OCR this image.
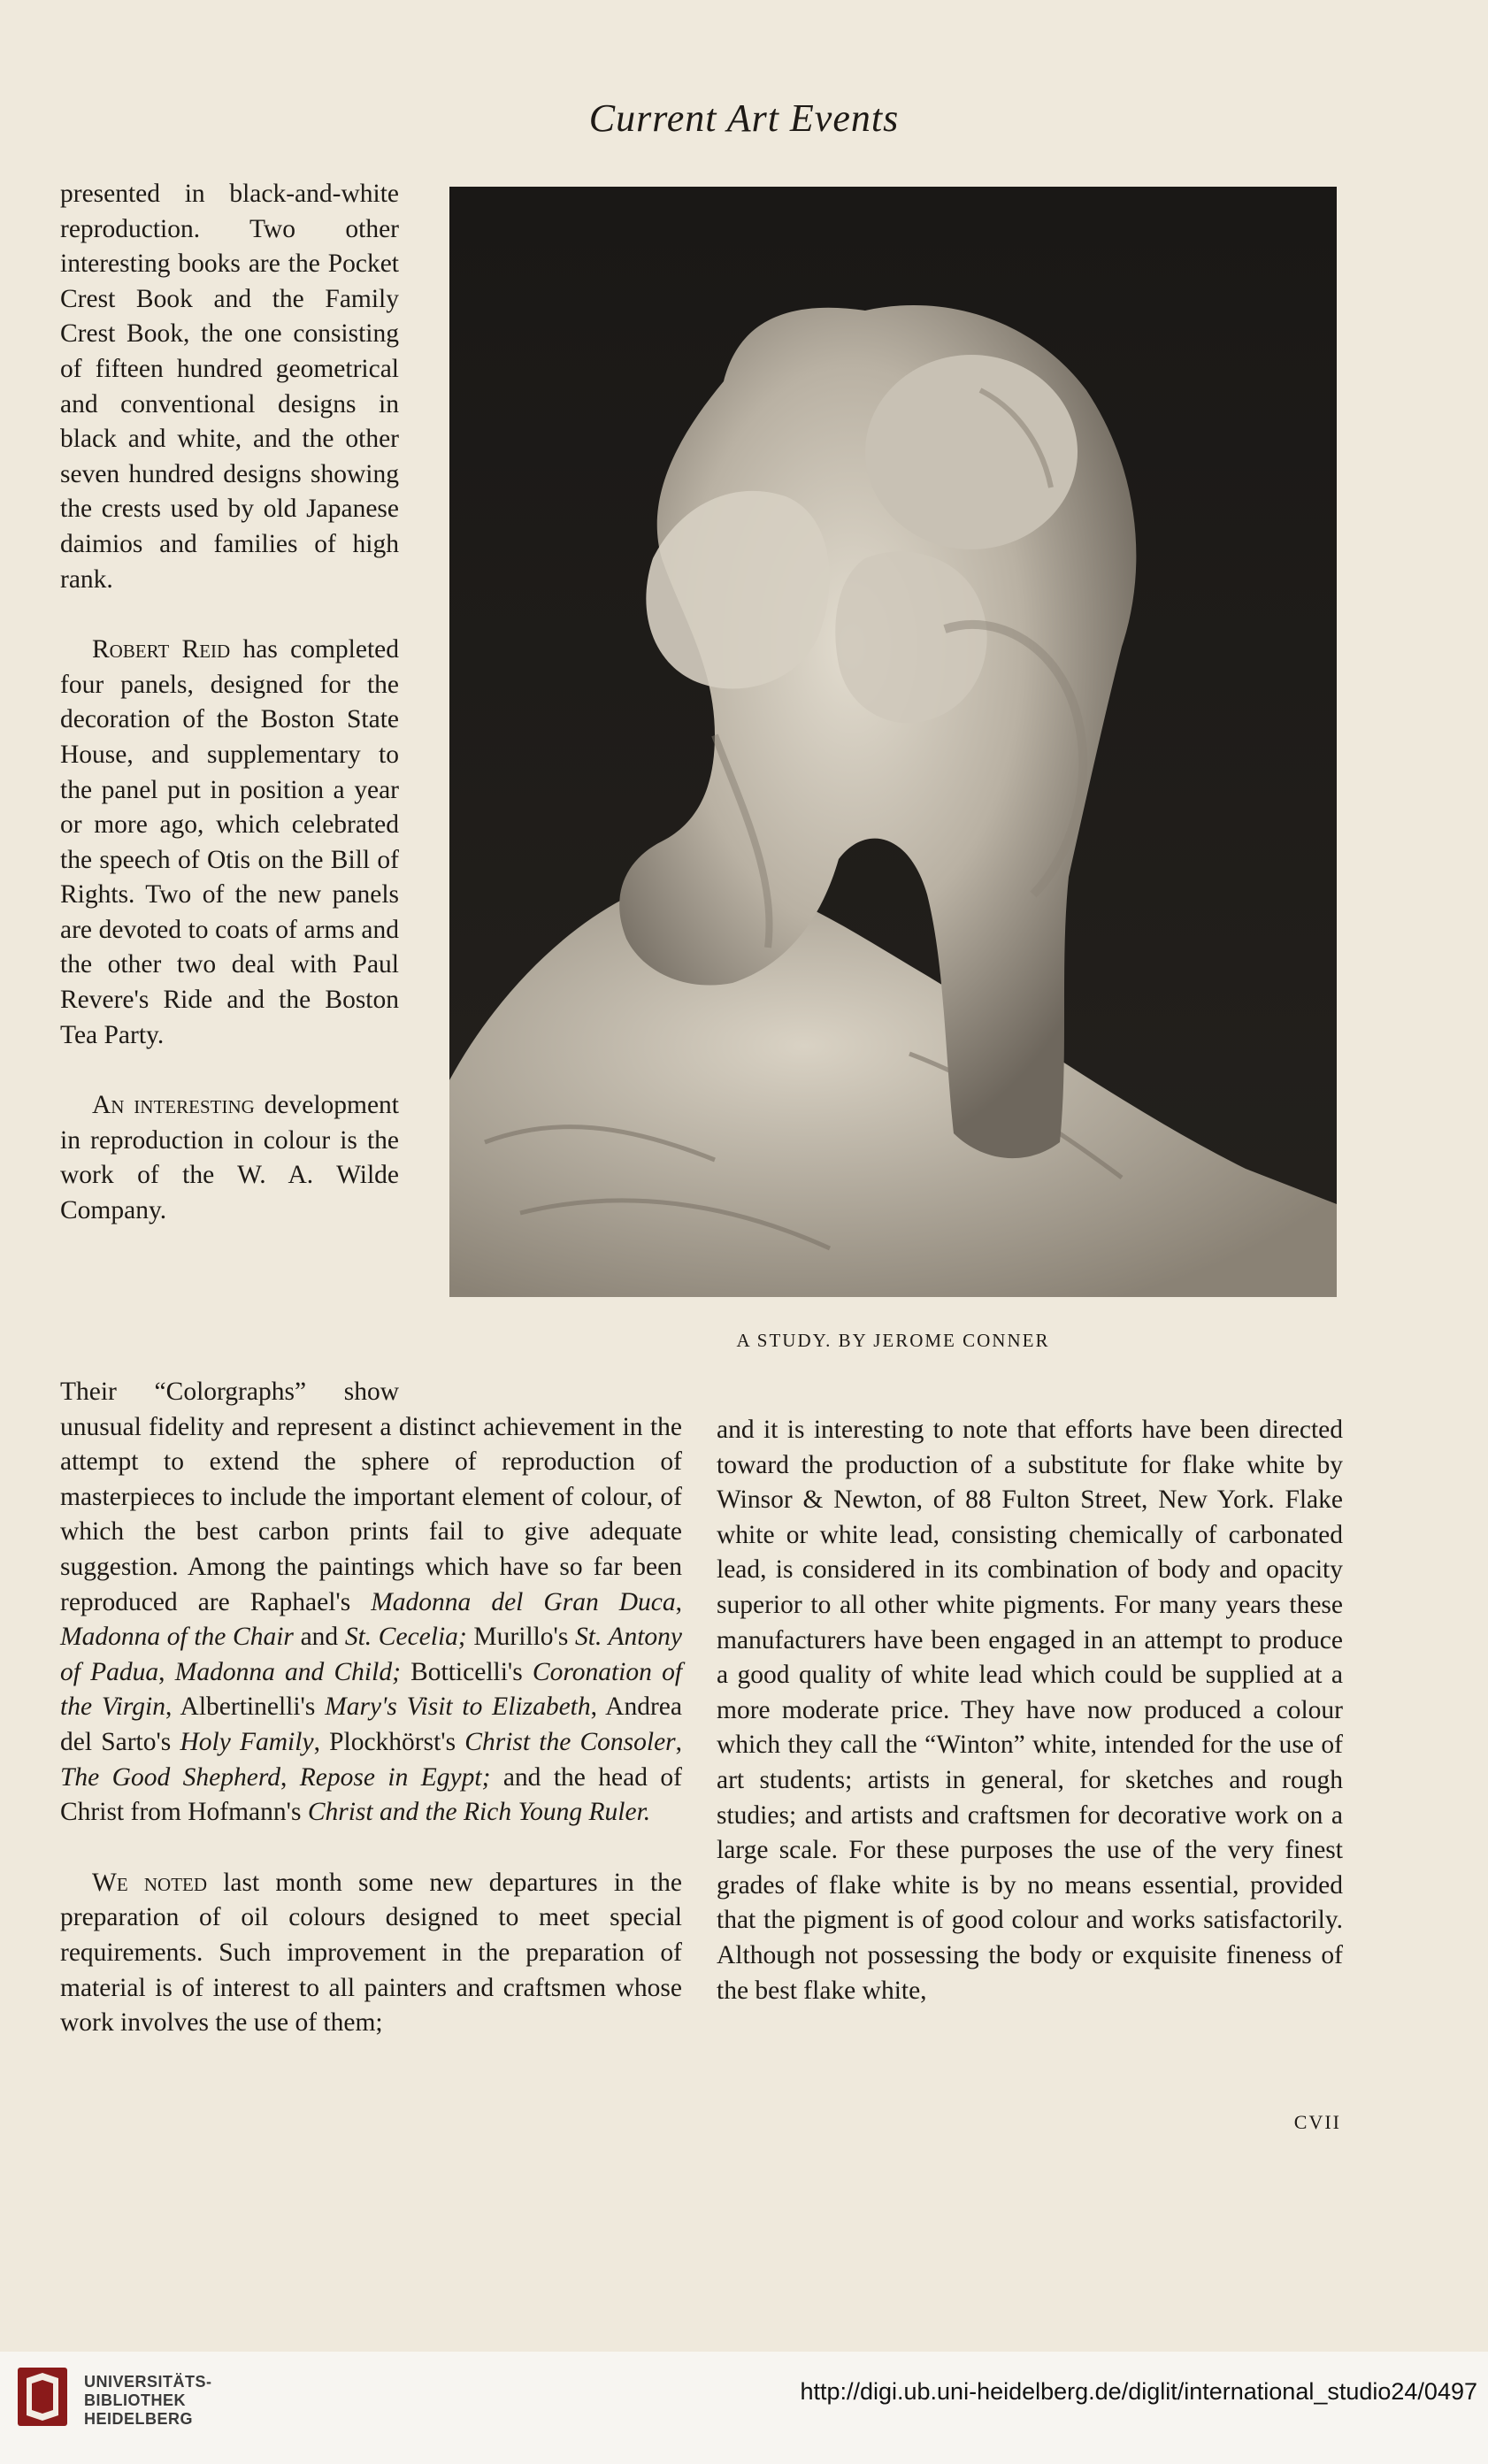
Current Art Events

presented in black-and-white reproduction. Two other interesting books are the Pocket Crest Book and the Family Crest Book, the one consisting of fifteen hundred geometrical and conventional designs in black and white, and the other seven hundred designs showing the crests used by old Japanese daimios and families of high rank.

Robert Reid has completed four panels, designed for the decoration of the Boston State House, and supplementary to the panel put in position a year or more ago, which celebrated the speech of Otis on the Bill of Rights. Two of the new panels are devoted to coats of arms and the other two deal with Paul Revere's Ride and the Boston Tea Party.

An interesting development in reproduction in colour is the work of the W. A. Wilde Company.

A STUDY. BY JEROME CONNER
Their “Colorgraphs” show

unusual fidelity and represent a distinct achievement in the attempt to extend the sphere of reproduction of masterpieces to include the important element of colour, of which the best carbon prints fail to give adequate suggestion. Among the paintings which have so far been reproduced are Raphael's Madonna del Gran Duca, Madonna of the Chair and St. Cecelia; Murillo's St. Antony of Padua, Madonna and Child; Botticelli's Coronation of the Virgin, Albertinelli's Mary's Visit to Elizabeth, Andrea del Sarto's Holy Family, Plockhörst's Christ the Consoler, The Good Shepherd, Repose in Egypt; and the head of Christ from Hofmann's Christ and the Rich Young Ruler.

We noted last month some new departures in the preparation of oil colours designed to meet special requirements. Such improvement in the preparation of material is of interest to all painters and craftsmen whose work involves the use of them;

and it is interesting to note that efforts have been directed toward the production of a substitute for flake white by Winsor & Newton, of 88 Fulton Street, New York. Flake white or white lead, consisting chemically of carbonated lead, is considered in its combination of body and opacity superior to all other white pigments. For many years these manufacturers have been engaged in an attempt to produce a good quality of white lead which could be supplied at a more moderate price. They have now produced a colour which they call the “Winton” white, intended for the use of art students; artists in general, for sketches and rough studies; and artists and craftsmen for decorative work on a large scale. For these purposes the use of the very finest grades of flake white is by no means essential, provided that the pigment is of good colour and works satisfactorily. Although not possessing the body or exquisite fineness of the best flake white,

CVII
UNIVERSITÄTS-
BIBLIOTHEK
HEIDELBERG
http://digi.ub.uni-heidelberg.de/diglit/international_studio24/0497
